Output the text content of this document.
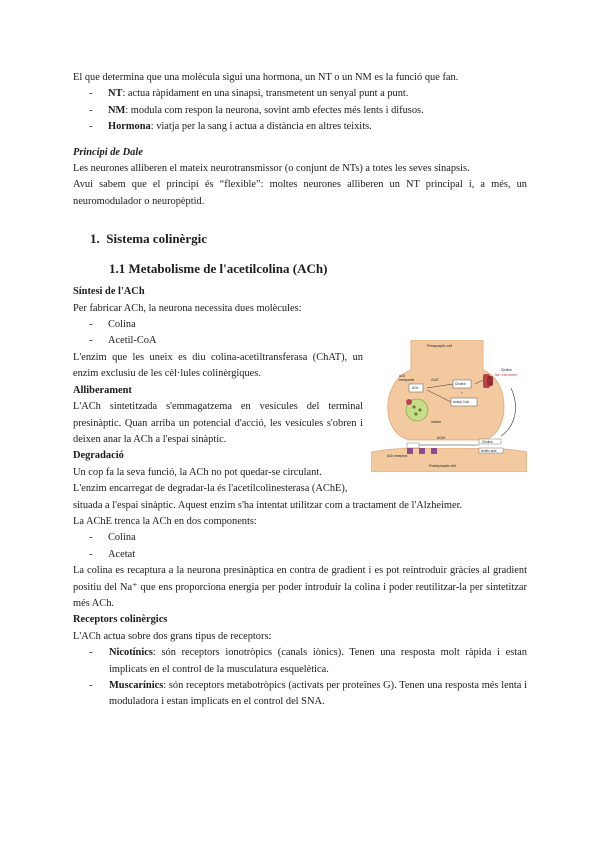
El que determina que una molècula sigui una hormona, un NT o un NM es la funció que fan.

- NT: actua ràpidament en una sinapsi, transmetent un senyal punt a punt.
- NM: modula com respon la neurona, sovint amb efectes més lents i difusos.
- Hormona: viatja per la sang i actua a distància en altres teixits.

Principi de Dale

Les neurones alliberen el mateix neurotransmissor (o conjunt de NTs) a totes les seves sinapsis.

Avui sabem que el principi és “flexible”: moltes neurones alliberen un NT principal i, a més, un neuromodulador o neuropèptid.

1. Sistema colinèrgic

1.1 Metabolisme de l'acetilcolina (ACh)

Síntesi de l'ACh

Per fabricar ACh, la neurona necessita dues molècules:

- Colina
- Acetil-CoA

L'enzim que les uneix es diu colina-acetiltransferasa (ChAT), un enzim exclusiu de les cèl·lules colinèrgiques.

Alliberament

L'ACh sintetitzada s'emmagatzema en vesícules del terminal presinàptic. Quan arriba un potencial d'acció, les vesícules s'obren i deixen anar la ACh a l'espai sinàptic.

Degradació

Un cop fa la seva funció, la ACh no pot quedar-se circulant.

L'enzim encarregat de degradar-la és l'acetilcolinesterasa (AChE),

situada a l'espai sinàptic. Aquest enzim s'ha intentat utilitzar com a tractament de l'Alzheimer.

La AChE trenca la ACh en dos components:

- Colina
- Acetat

La colina es recaptura a la neurona presinàptica en contra de gradient i es pot reintroduir gràcies al gradient positiu del Na⁺ que ens proporciona energia per poder introduir la colina i poder reutilitzar-la per sintetitzar més ACh.

Receptors colinèrgics

L'ACh actua sobre dos grans tipus de receptors:

- Nicotínics: són receptors ionotròpics (canals iònics). Tenen una resposta molt ràpida i estan implicats en el control de la musculatura esquelètica.
- Muscarínics: són receptors metabotròpics (activats per proteïnes G). Tenen una resposta més lenta i moduladora i estan implicats en el control del SNA.
Presynaptic cell
Choline
Na⁺ transporter
ACh transporter	ChAT
Choline
+
Acetyl CoA
ACh
Vesicle
AChE
Choline
Acetic acid
ACh receptors
Postsynaptic cell
